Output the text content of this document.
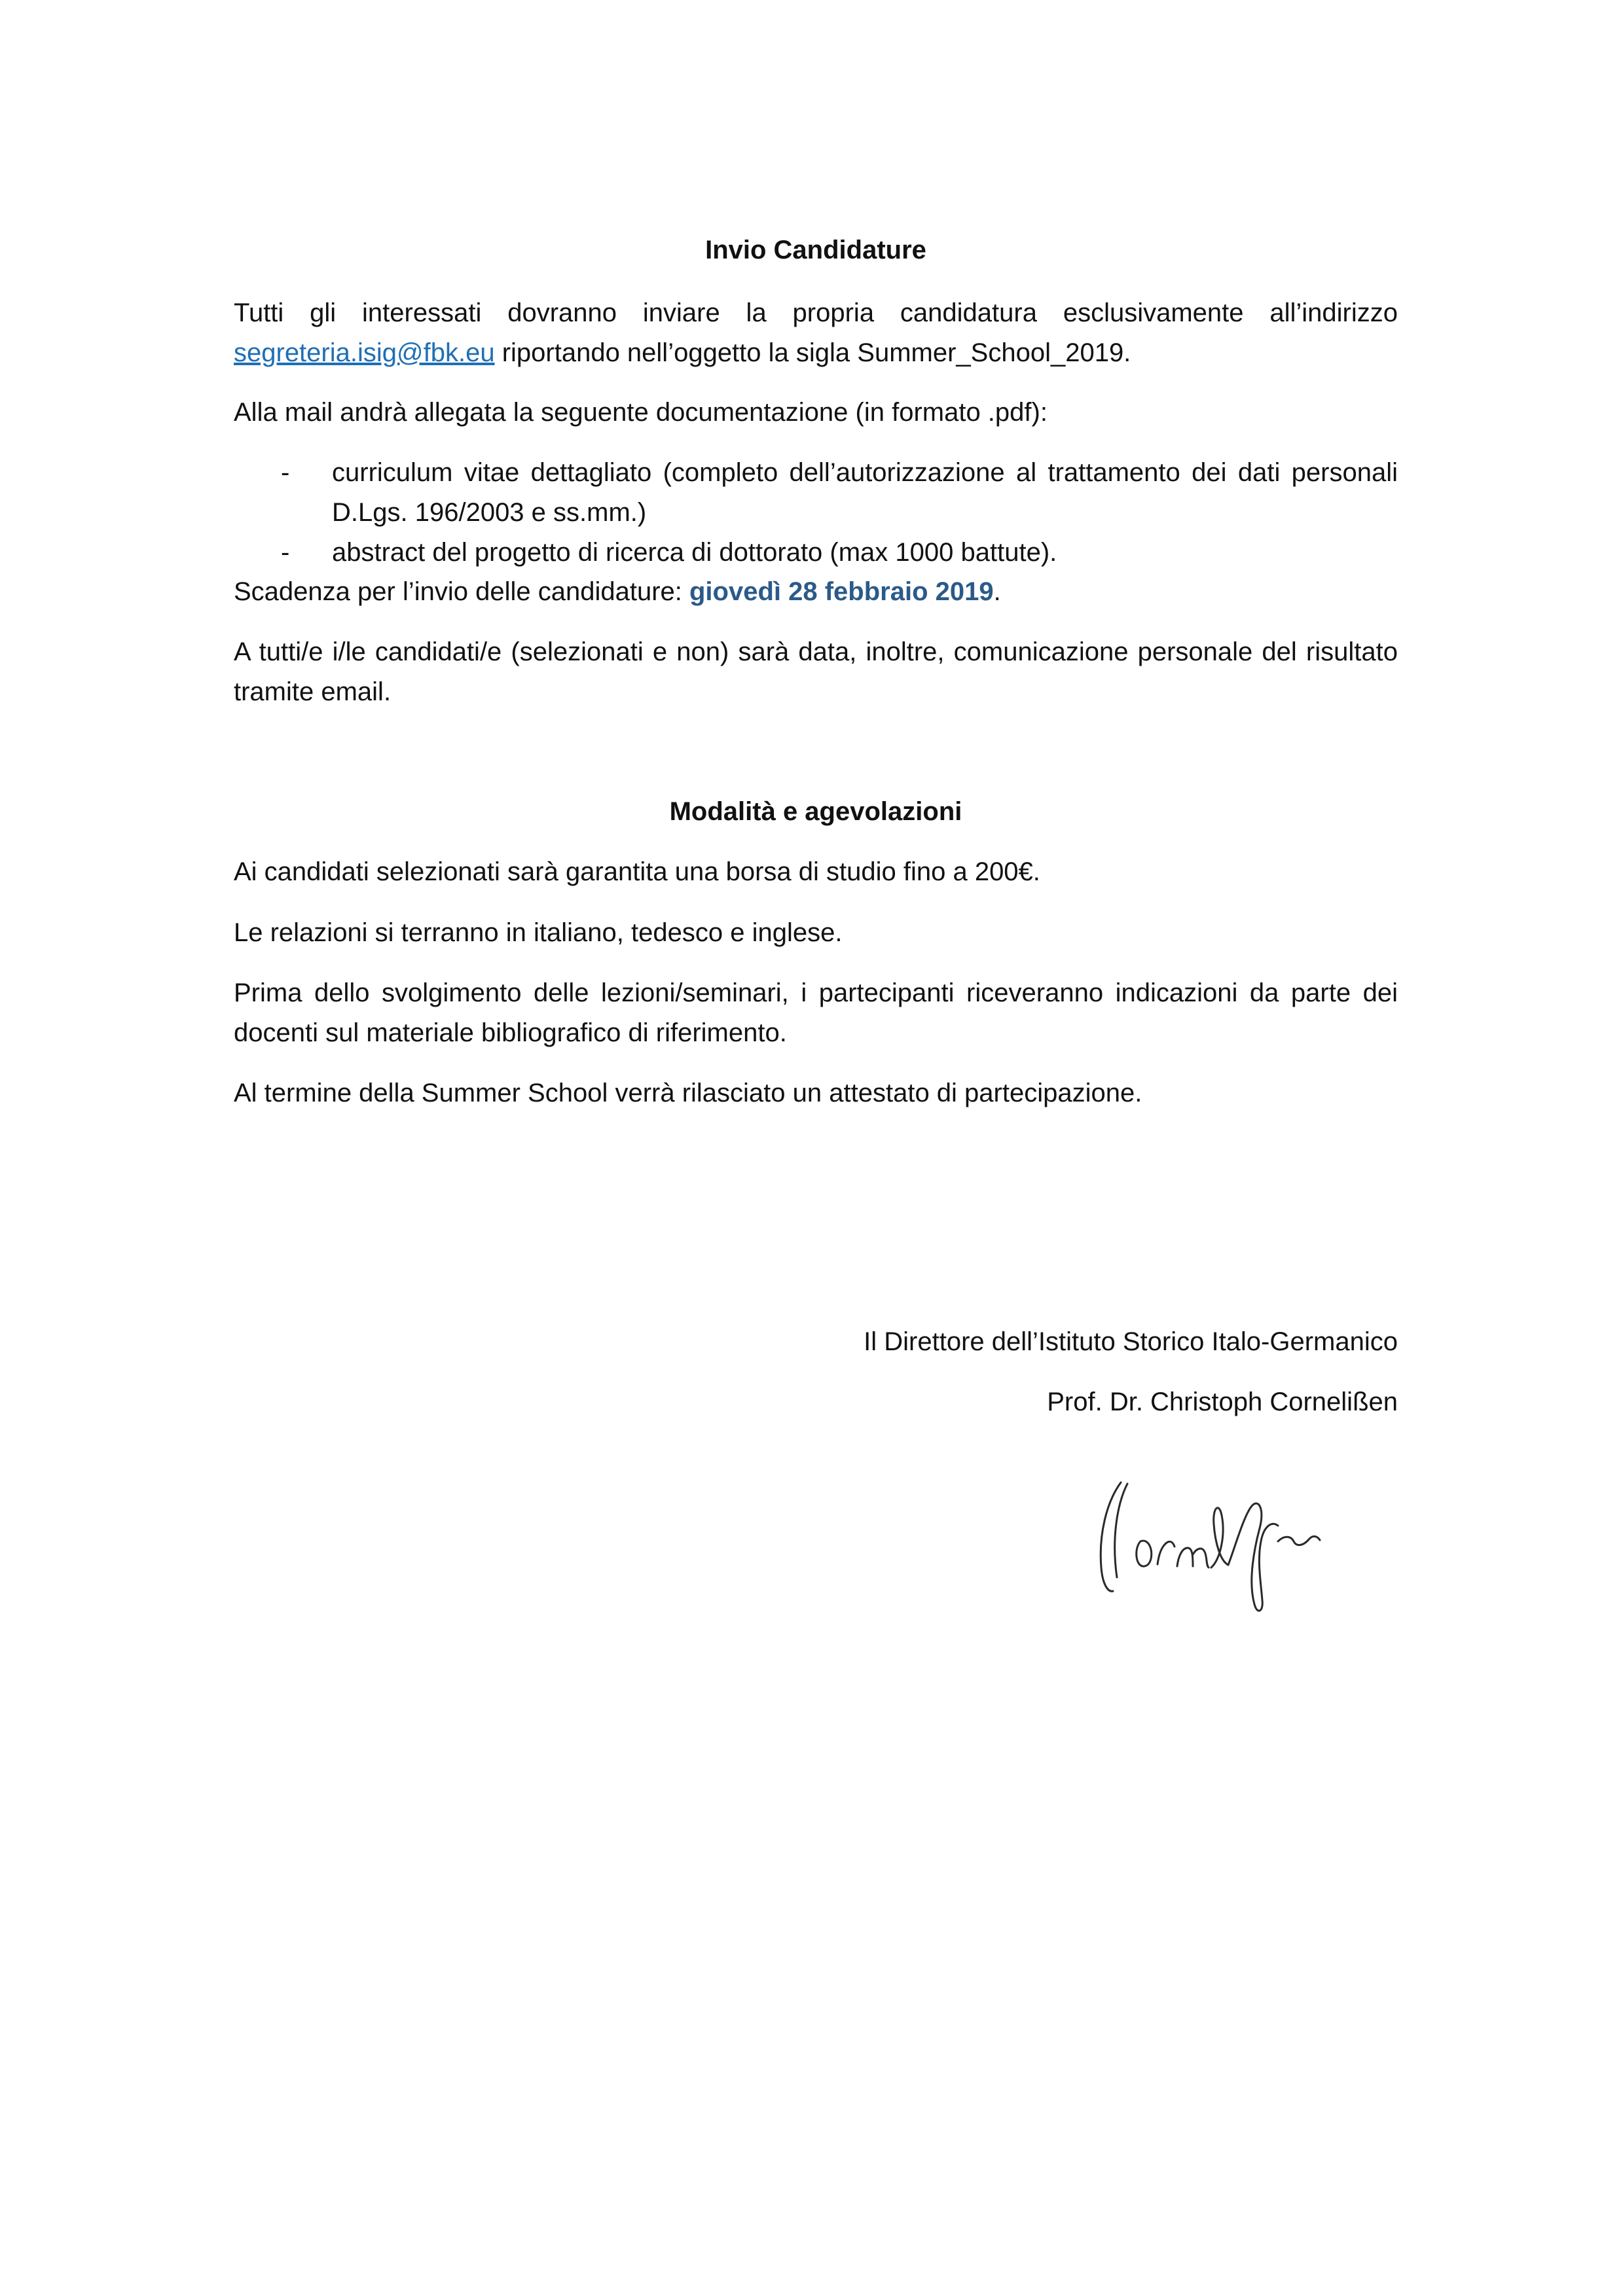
Invio Candidature

Tutti gli interessati dovranno inviare la propria candidatura esclusivamente all’indirizzo segreteria.isig@fbk.eu riportando nell’oggetto la sigla Summer_School_2019.

Alla mail andrà allegata la seguente documentazione (in formato .pdf):

- curriculum vitae dettagliato (completo dell’autorizzazione al trattamento dei dati personali D.Lgs. 196/2003 e ss.mm.)
- abstract del progetto di ricerca di dottorato (max 1000 battute).

Scadenza per l’invio delle candidature: giovedì 28 febbraio 2019.

A tutti/e i/le candidati/e (selezionati e non) sarà data, inoltre, comunicazione personale del risultato tramite email.

Modalità e agevolazioni

Ai candidati selezionati sarà garantita una borsa di studio fino a 200€.

Le relazioni si terranno in italiano, tedesco e inglese.

Prima dello svolgimento delle lezioni/seminari, i partecipanti riceveranno indicazioni da parte dei docenti sul materiale bibliografico di riferimento.

Al termine della Summer School verrà rilasciato un attestato di partecipazione.

Il Direttore dell’Istituto Storico Italo-Germanico

Prof. Dr. Christoph Cornelißen
